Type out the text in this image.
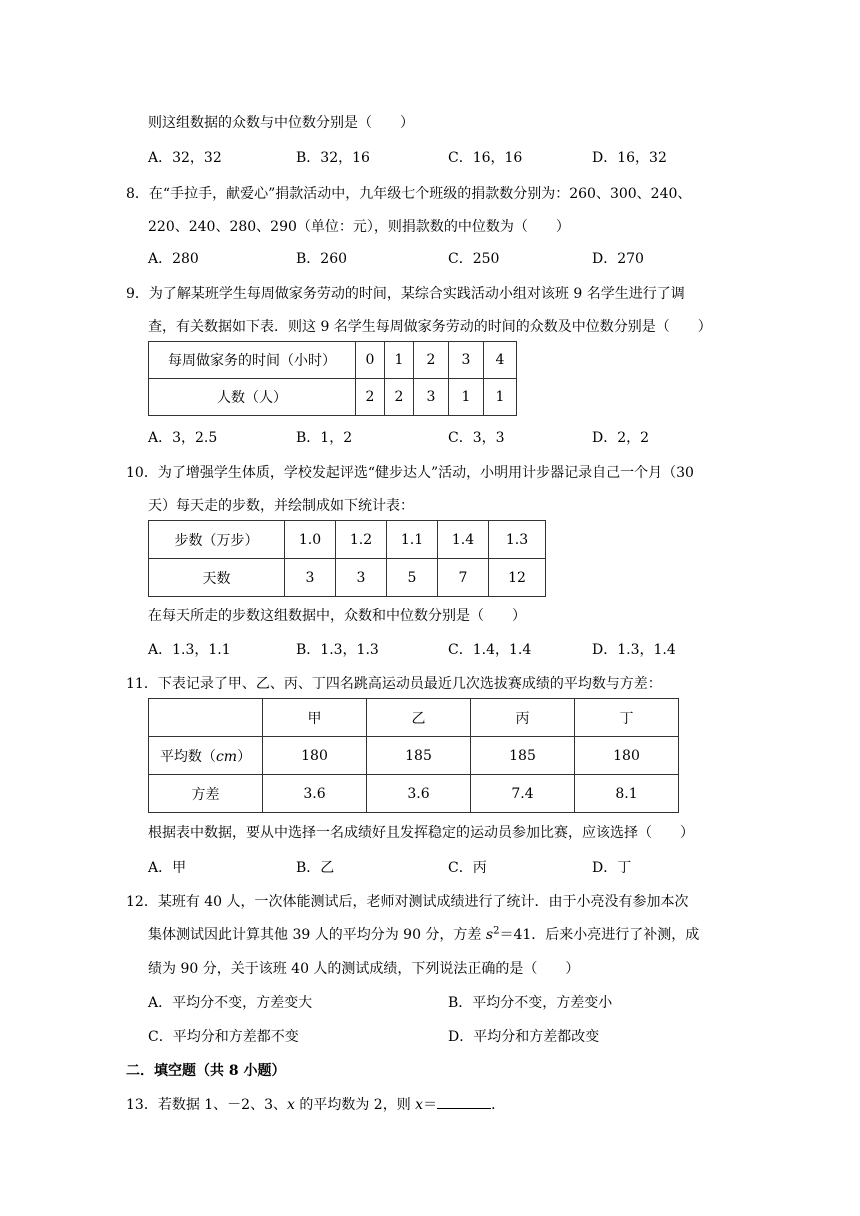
则这组数据的众数与中位数分别是（　　）
A．32，32	B．32，16	C．16，16	D．16，32
8．在“手拉手，献爱心”捐款活动中，九年级七个班级的捐款数分别为：260、300、240、
220、240、280、290（单位：元），则捐款数的中位数为（　　）
A．280	B．260	C．250	D．270
9．为了解某班学生每周做家务劳动的时间，某综合实践活动小组对该班 9 名学生进行了调
查，有关数据如下表．则这 9 名学生每周做家务劳动的时间的众数及中位数分别是（　　）
每周做家务的时间（小时）	0	1	2	3	4
人数（人）	2	2	3	1	1
A．3，2.5	B．1，2	C．3，3	D．2，2
10．为了增强学生体质，学校发起评选“健步达人”活动，小明用计步器记录自己一个月（30
天）每天走的步数，并绘制成如下统计表：
步数（万步）	1.0	1.2	1.1	1.4	1.3
天数	3	3	5	7	12
在每天所走的步数这组数据中，众数和中位数分别是（　　）
A．1.3，1.1	B．1.3，1.3	C．1.4，1.4	D．1.3，1.4
11．下表记录了甲、乙、丙、丁四名跳高运动员最近几次选拔赛成绩的平均数与方差：
	甲	乙	丙	丁
平均数（cm）	180	185	185	180
方差	3.6	3.6	7.4	8.1
根据表中数据，要从中选择一名成绩好且发挥稳定的运动员参加比赛，应该选择（　　）
A．甲	B．乙	C．丙	D．丁
12．某班有 40 人，一次体能测试后，老师对测试成绩进行了统计．由于小亮没有参加本次
集体测试因此计算其他 39 人的平均分为 90 分，方差 $s^2=41$．后来小亮进行了补测，成
绩为 90 分，关于该班 40 人的测试成绩，下列说法正确的是（　　）
A．平均分不变，方差变大	B．平均分不变，方差变小
C．平均分和方差都不变	D．平均分和方差都改变
二．填空题（共 8 小题）
13．若数据 1、－2、3、x 的平均数为 2，则 x＝	．
